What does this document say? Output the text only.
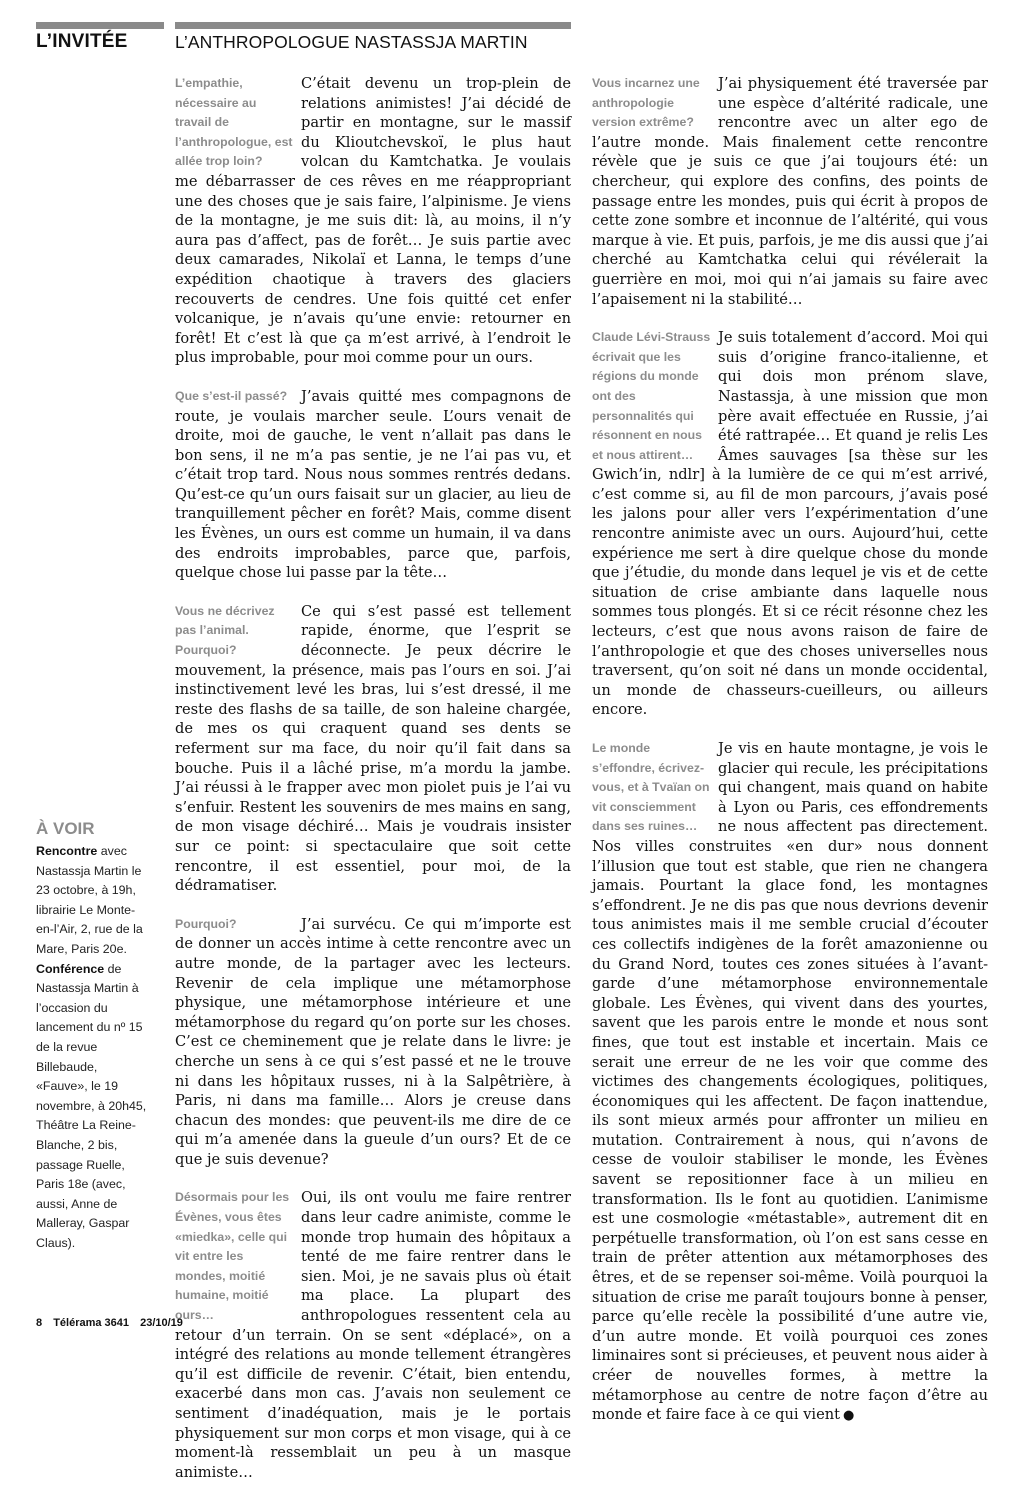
L’INVITÉE	L’ANTHROPOLOGUE NASTASSJA MARTIN

L’empathie, nécessaire au travail de l’anthropologue, est allée trop loin?
C’était devenu un trop-plein de relations animistes! J’ai décidé de partir en montagne, sur le massif du Klioutchevskoï, le plus haut volcan du Kamtchatka. Je voulais me débarrasser de ces rêves en me réappropriant une des choses que je sais faire, l’alpinisme. Je viens de la montagne, je me suis dit: là, au moins, il n’y aura pas d’affect, pas de forêt… Je suis partie avec deux camarades, Nikolaï et Lanna, le temps d’une expédition chaotique à travers des glaciers recouverts de cendres. Une fois quitté cet enfer volcanique, je n’avais qu’une envie: retourner en forêt! Et c’est là que ça m’est arrivé, à l’endroit le plus improbable, pour moi comme pour un ours.

Que s’est-il passé? J’avais quitté mes compagnons de route, je voulais marcher seule. L’ours venait de droite, moi de gauche, le vent n’allait pas dans le bon sens, il ne m’a pas sentie, je ne l’ai pas vu, et c’était trop tard. Nous nous sommes rentrés dedans. Qu’est-ce qu’un ours faisait sur un glacier, au lieu de tranquillement pêcher en forêt? Mais, comme disent les Évènes, un ours est comme un humain, il va dans des endroits improbables, parce que, parfois, quelque chose lui passe par la tête…

Vous ne décrivez pas l’animal. Pourquoi?
Ce qui s’est passé est tellement rapide, énorme, que l’esprit se déconnecte. Je peux décrire le mouvement, la présence, mais pas l’ours en soi. J’ai instinctivement levé les bras, lui s’est dressé, il me reste des flashs de sa taille, de son haleine chargée, de mes os qui craquent quand ses dents se referment sur ma face, du noir qu’il fait dans sa bouche. Puis il a lâché prise, m’a mordu la jambe. J’ai réussi à le frapper avec mon piolet puis je l’ai vu s’enfuir. Restent les souvenirs de mes mains en sang, de mon visage déchiré… Mais je voudrais insister sur ce point: si spectaculaire que soit cette rencontre, il est essentiel, pour moi, de la dédramatiser.

Pourquoi?	J’ai survécu. Ce qui m’importe est de donner un accès intime à cette rencontre avec un autre monde, de la partager avec les lecteurs. Revenir de cela implique une métamorphose physique, une métamorphose intérieure et une métamorphose du regard qu’on porte sur les choses. C’est ce cheminement que je relate dans le livre: je cherche un sens à ce qui s’est passé et ne le trouve ni dans les hôpitaux russes, ni à la Salpêtrière, à Paris, ni dans ma famille… Alors je creuse dans chacun des mondes: que peuvent-ils me dire de ce qui m’a amenée dans la gueule d’un ours? Et de ce que je suis devenue?

Désormais pour les Évènes, vous êtes «miedka», celle qui vit entre les mondes, moitié humaine, moitié ours…
Oui, ils ont voulu me faire rentrer dans leur cadre animiste, comme le monde trop humain des hôpitaux a tenté de me faire rentrer dans le sien. Moi, je ne savais plus où était ma place. La plupart des anthropologues ressentent cela au retour d’un terrain. On se sent «déplacé», on a intégré des relations au monde tellement étrangères qu’il est difficile de revenir. C’était, bien entendu, exacerbé dans mon cas. J’avais non seulement ce sentiment d’inadéquation, mais je le portais physiquement sur mon corps et mon visage, qui à ce moment-là ressemblait un peu à un masque animiste…

Vous incarnez une anthropologie version extrême?
J’ai physiquement été traversée par une espèce d’altérité radicale, une rencontre avec un alter ego de l’autre monde. Mais finalement cette rencontre révèle que je suis ce que j’ai toujours été: un chercheur, qui explore des confins, des points de passage entre les mondes, puis qui écrit à propos de cette zone sombre et inconnue de l’altérité, qui vous marque à vie. Et puis, parfois, je me dis aussi que j’ai cherché au Kamtchatka celui qui révélerait la guerrière en moi, moi qui n’ai jamais su faire avec l’apaisement ni la stabilité…

Claude Lévi-Strauss écrivait que les régions du monde ont des personnalités qui résonnent en nous et nous attirent…
Je suis totalement d’accord. Moi qui suis d’origine franco-italienne, et qui dois mon prénom slave, Nastassja, à une mission que mon père avait effectuée en Russie, j’ai été rattrapée… Et quand je relis Les Âmes sauvages [sa thèse sur les Gwich’in, ndlr] à la lumière de ce qui m’est arrivé, c’est comme si, au fil de mon parcours, j’avais posé les jalons pour aller vers l’expérimentation d’une rencontre animiste avec un ours. Aujourd’hui, cette expérience me sert à dire quelque chose du monde que j’étudie, du monde dans lequel je vis et de cette situation de crise ambiante dans laquelle nous sommes tous plongés. Et si ce récit résonne chez les lecteurs, c’est que nous avons raison de faire de l’anthropologie et que des choses universelles nous traversent, qu’on soit né dans un monde occidental, un monde de chasseurs-cueilleurs, ou ailleurs encore.

Le monde s’effondre, écrivez-vous, et à Tvaïan on vit consciemment dans ses ruines…
Je vis en haute montagne, je vois le glacier qui recule, les précipitations qui changent, mais quand on habite à Lyon ou Paris, ces effondrements ne nous affectent pas directement. Nos villes construites «en dur» nous donnent l’illusion que tout est stable, que rien ne changera jamais. Pourtant la glace fond, les montagnes s’effondrent. Je ne dis pas que nous devrions devenir tous animistes mais il me semble crucial d’écouter ces collectifs indigènes de la forêt amazonienne ou du Grand Nord, toutes ces zones situées à l’avant-garde d’une métamorphose environnementale globale. Les Évènes, qui vivent dans des yourtes, savent que les parois entre le monde et nous sont fines, que tout est instable et incertain. Mais ce serait une erreur de ne les voir que comme des victimes des changements écologiques, politiques, économiques qui les affectent. De façon inattendue, ils sont mieux armés pour affronter un milieu en mutation. Contrairement à nous, qui n’avons de cesse de vouloir stabiliser le monde, les Évènes savent se repositionner face à un milieu en transformation. Ils le font au quotidien. L’animisme est une cosmologie «métastable», autrement dit en perpétuelle transformation, où l’on est sans cesse en train de prêter attention aux métamorphoses des êtres, et de se repenser soi-même. Voilà pourquoi la situation de crise me paraît toujours bonne à penser, parce qu’elle recèle la possibilité d’une autre vie, d’un autre monde. Et voilà pourquoi ces zones liminaires sont si précieuses, et peuvent nous aider à créer de nouvelles formes, à mettre la métamorphose au centre de notre façon d’être au monde et faire face à ce qui vient ●

À VOIR
Rencontre avec Nastassja Martin le 23 octobre, à 19h, librairie Le Monte-en-l’Air, 2, rue de la Mare, Paris 20e.
Conférence de Nastassja Martin à l’occasion du lancement du nº 15 de la revue Billebaude, «Fauve», le 19 novembre, à 20h45, Théâtre La Reine-Blanche, 2 bis, passage Ruelle, Paris 18e (avec, aussi, Anne de Malleray, Gaspar Claus).
8 Télérama 3641 23/10/19
